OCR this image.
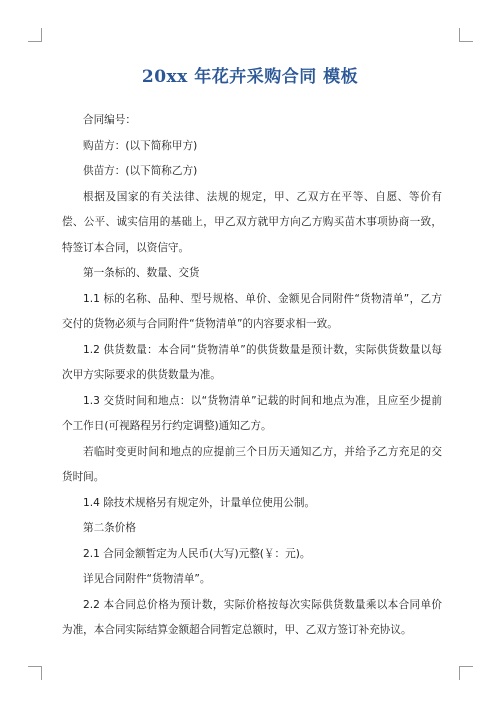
20xx 年花卉采购合同 模板

合同编号：

购苗方：(以下简称甲方)

供苗方：(以下简称乙方)

根据及国家的有关法律、法规的规定，甲、乙双方在平等、自愿、等价有偿、公平、诚实信用的基础上，甲乙双方就甲方向乙方购买苗木事项协商一致，特签订本合同，以资信守。

第一条标的、数量、交货

1.1 标的名称、品种、型号规格、单价、金额见合同附件“货物清单”，乙方交付的货物必须与合同附件“货物清单”的内容要求相一致。

1.2 供货数量：本合同“货物清单”的供货数量是预计数，实际供货数量以每次甲方实际要求的供货数量为准。

1.3 交货时间和地点：以“货物清单”记载的时间和地点为准，且应至少提前个工作日(可视路程另行约定调整)通知乙方。

若临时变更时间和地点的应提前三个日历天通知乙方，并给予乙方充足的交货时间。

1.4 除技术规格另有规定外，计量单位使用公制。

第二条价格

2.1 合同金额暂定为人民币(大写)元整(￥：元)。

详见合同附件“货物清单”。

2.2 本合同总价格为预计数，实际价格按每次实际供货数量乘以本合同单价为准，本合同实际结算金额超合同暂定总额时，甲、乙双方签订补充协议。
